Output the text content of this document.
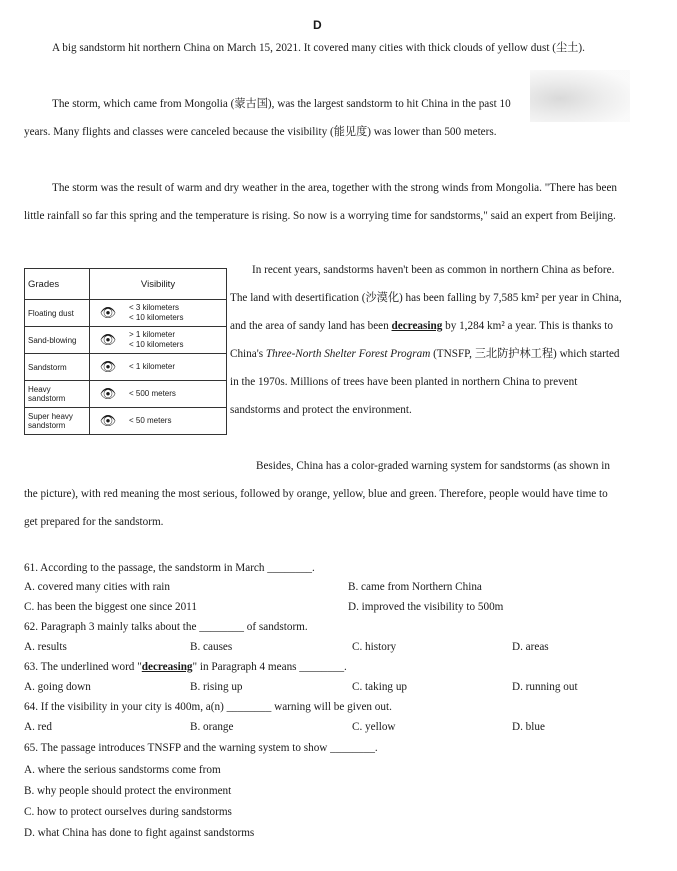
D

A big sandstorm hit northern China on March 15, 2021. It covered many cities with thick clouds of yellow dust (尘土).

The storm, which came from Mongolia (蒙古国), was the largest sandstorm to hit China in the past 10 years. Many flights and classes were canceled because the visibility (能见度) was lower than 500 meters.

The storm was the result of warm and dry weather in the area, together with the strong winds from Mongolia. "There has been little rainfall so far this spring and the temperature is rising. So now is a worrying time for sandstorms," said an expert from Beijing.

Grades	Visibility	
Floating dust	👁	< 3 kilometers
< 10 kilometers

Sand-blowing	👁	> 1 kilometer
< 10 kilometers

Sandstorm	👁	< 1 kilometer

Heavy sandstorm	👁	< 500 meters

Super heavy sandstorm	👁	< 50 meters

In recent years, sandstorms haven't been as common in northern China as before. The land with desertification (沙漠化) has been falling by 7,585 km² per year in China, and the area of sandy land has been decreasing by 1,284 km² a year. This is thanks to China's Three-North Shelter Forest Program (TNSFP, 三北防护林工程) which started in the 1970s. Millions of trees have been planted in northern China to prevent sandstorms and protect the environment.

Besides, China has a color-graded warning system for sandstorms (as shown in the picture), with red meaning the most serious, followed by orange, yellow, blue and green. Therefore, people would have time to get prepared for the sandstorm.

61. According to the passage, the sandstorm in March ________.

A. covered many cities with rain	B. came from Northern China
C. has been the biggest one since 2011	D. improved the visibility to 500m

62. Paragraph 3 mainly talks about the ________ of sandstorm.

A. results	B. causes	C. history	D. areas

63. The underlined word "decreasing" in Paragraph 4 means ________.

A. going down	B. rising up	C. taking up	D. running out

64. If the visibility in your city is 400m, a(n) ________ warning will be given out.

A. red	B. orange	C. yellow	D. blue

65. The passage introduces TNSFP and the warning system to show ________.

A. where the serious sandstorms come from
B. why people should protect the environment
C. how to protect ourselves during sandstorms
D. what China has done to fight against sandstorms
